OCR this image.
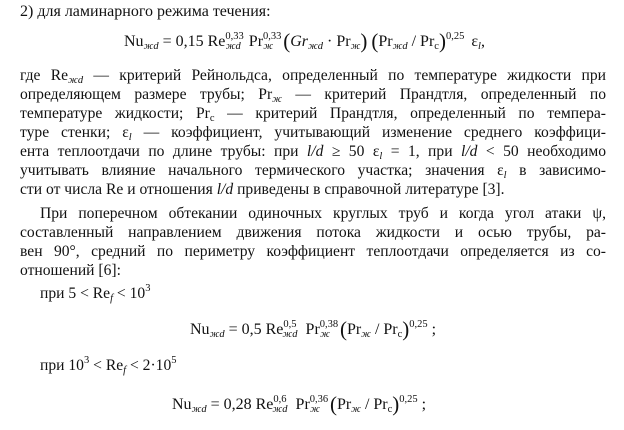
2) для ламинарного режима течения:
$Nu_{жd} = 0,15$ Re$^{0,33}_{жd}$ Pr$^{0,33}_ж$ $(Gr_{жd} \cdot Pr_ж)$ $(Pr_{жd} / Pr_с)^{0,25}$ $\varepsilon_l$,
где $Re_{жd}$ — критерий Рейнольдса, определенный по температуре жидкости при
определяющем размере трубы; $Pr_ж$ — критерий Прандтля, определенный по
температуре жидкости; $Pr_с$ — критерий Прандтля, определенный по темпера-
туре стенки; $\varepsilon_l$ — коэффициент, учитывающий изменение среднего коэффици-
ента теплоотдачи по длине трубы: при l/d ≥ 50 $\varepsilon_l = 1$, при l/d < 50 необходимо
учитывать влияние начального термического участка; значения $\varepsilon_l$ в зависимо-
сти от числа Re и отношения l/d приведены в справочной литературе [3].
При поперечном обтекании одиночных круглых труб и когда угол атаки ψ,
составленный направлением движения потока жидкости и осью трубы, ра-
вен 90°, средний по периметру коэффициент теплоотдачи определяется из со-
отношений [6]:
при $5 < Re_f < 10^3$
$Nu_{жd} = 0,5$ Re$^{0,5}_{жd}$ Pr$^{0,38}_ж$ $(Pr_ж / Pr_с)^{0,25}$ ;
при $10^3 < Re_f < 2\cdot 10^5$
$Nu_{жd} = 0,28$ Re$^{0,6}_{жd}$ Pr$^{0,36}_ж$ $(Pr_ж / Pr_с)^{0,25}$ ;
